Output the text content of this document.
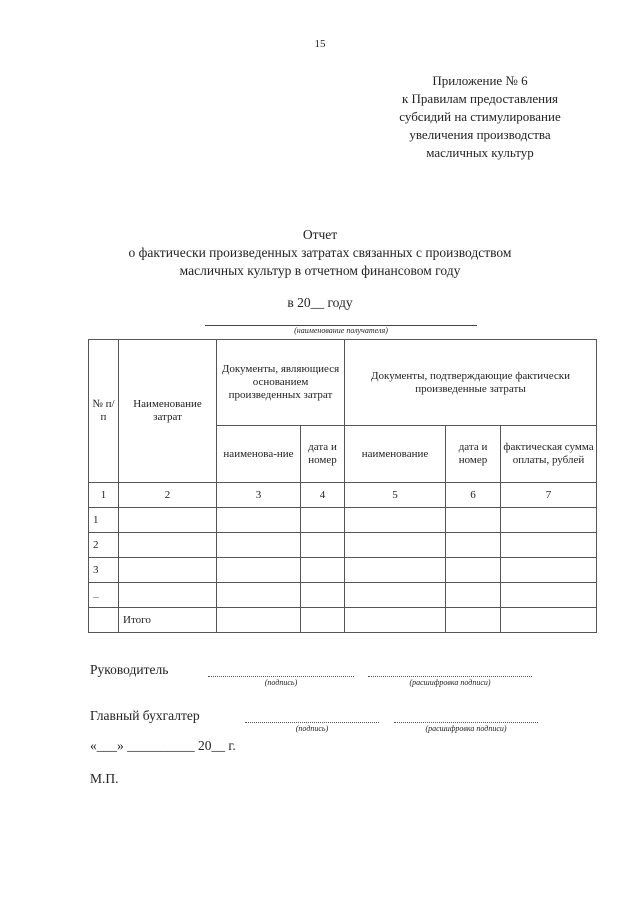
15
Приложение № 6
к Правилам предоставления
субсидий на стимулирование
увеличения производства
масличных культур
Отчет
о фактически произведенных затратах связанных с производством
масличных культур в отчетном финансовом году
в 20__ году
(наименование получателя)
№ п/п	Наименование затрат	Документы, являющиеся основанием произведенных затрат		Документы, подтверждающие фактически произведенные затраты		
		наименова-ние	дата и номер	наименование	дата и номер	фактическая сумма оплаты, рублей
1	2	3	4	5	6	7
1						
2						
3						
...						
	Итого					
Руководитель
(подпись)	(расшифровка подписи)
Главный бухгалтер
(подпись)	(расшифровка подписи)
«___» __________ 20__ г.
М.П.
